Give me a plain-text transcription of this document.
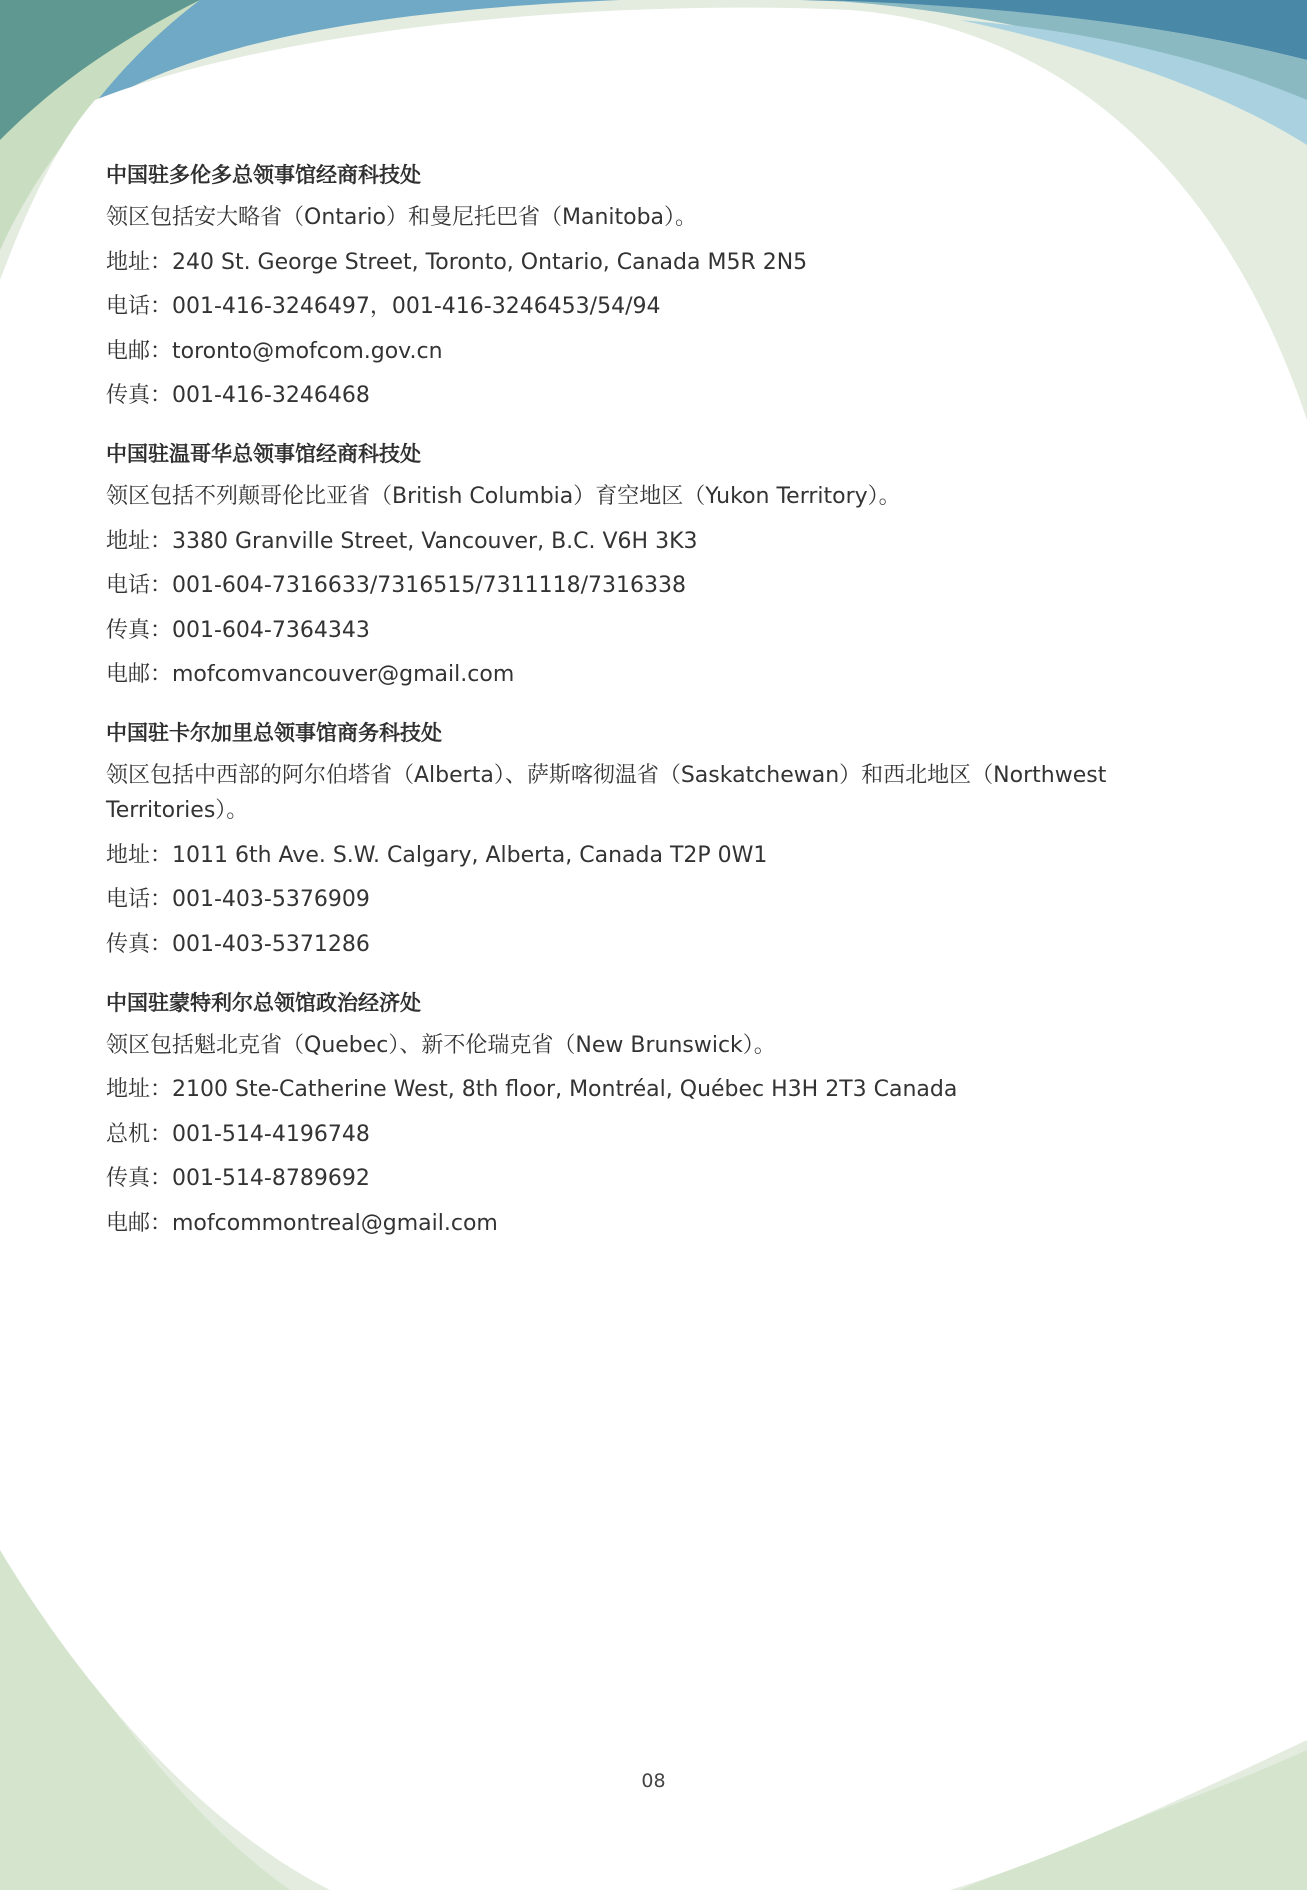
中国驻多伦多总领事馆经商科技处
领区包括安大略省（Ontario）和曼尼托巴省（Manitoba）。
地址：240 St. George Street, Toronto, Ontario, Canada M5R 2N5
电话：001-416-3246497，001-416-3246453/54/94
电邮：toronto@mofcom.gov.cn
传真：001-416-3246468
中国驻温哥华总领事馆经商科技处
领区包括不列颠哥伦比亚省（British Columbia）育空地区（Yukon Territory）。
地址：3380 Granville Street, Vancouver, B.C. V6H 3K3
电话：001-604-7316633/7316515/7311118/7316338
传真：001-604-7364343
电邮：mofcomvancouver@gmail.com
中国驻卡尔加里总领事馆商务科技处
领区包括中西部的阿尔伯塔省（Alberta）、萨斯喀彻温省（Saskatchewan）和西北地区（Northwest Territories）。
地址：1011 6th Ave. S.W. Calgary, Alberta, Canada T2P 0W1
电话：001-403-5376909
传真：001-403-5371286
中国驻蒙特利尔总领馆政治经济处
领区包括魁北克省（Quebec）、新不伦瑞克省（New Brunswick）。
地址：2100 Ste-Catherine West, 8th floor, Montréal, Québec H3H 2T3 Canada
总机：001-514-4196748
传真：001-514-8789692
电邮：mofcommontreal@gmail.com
08
